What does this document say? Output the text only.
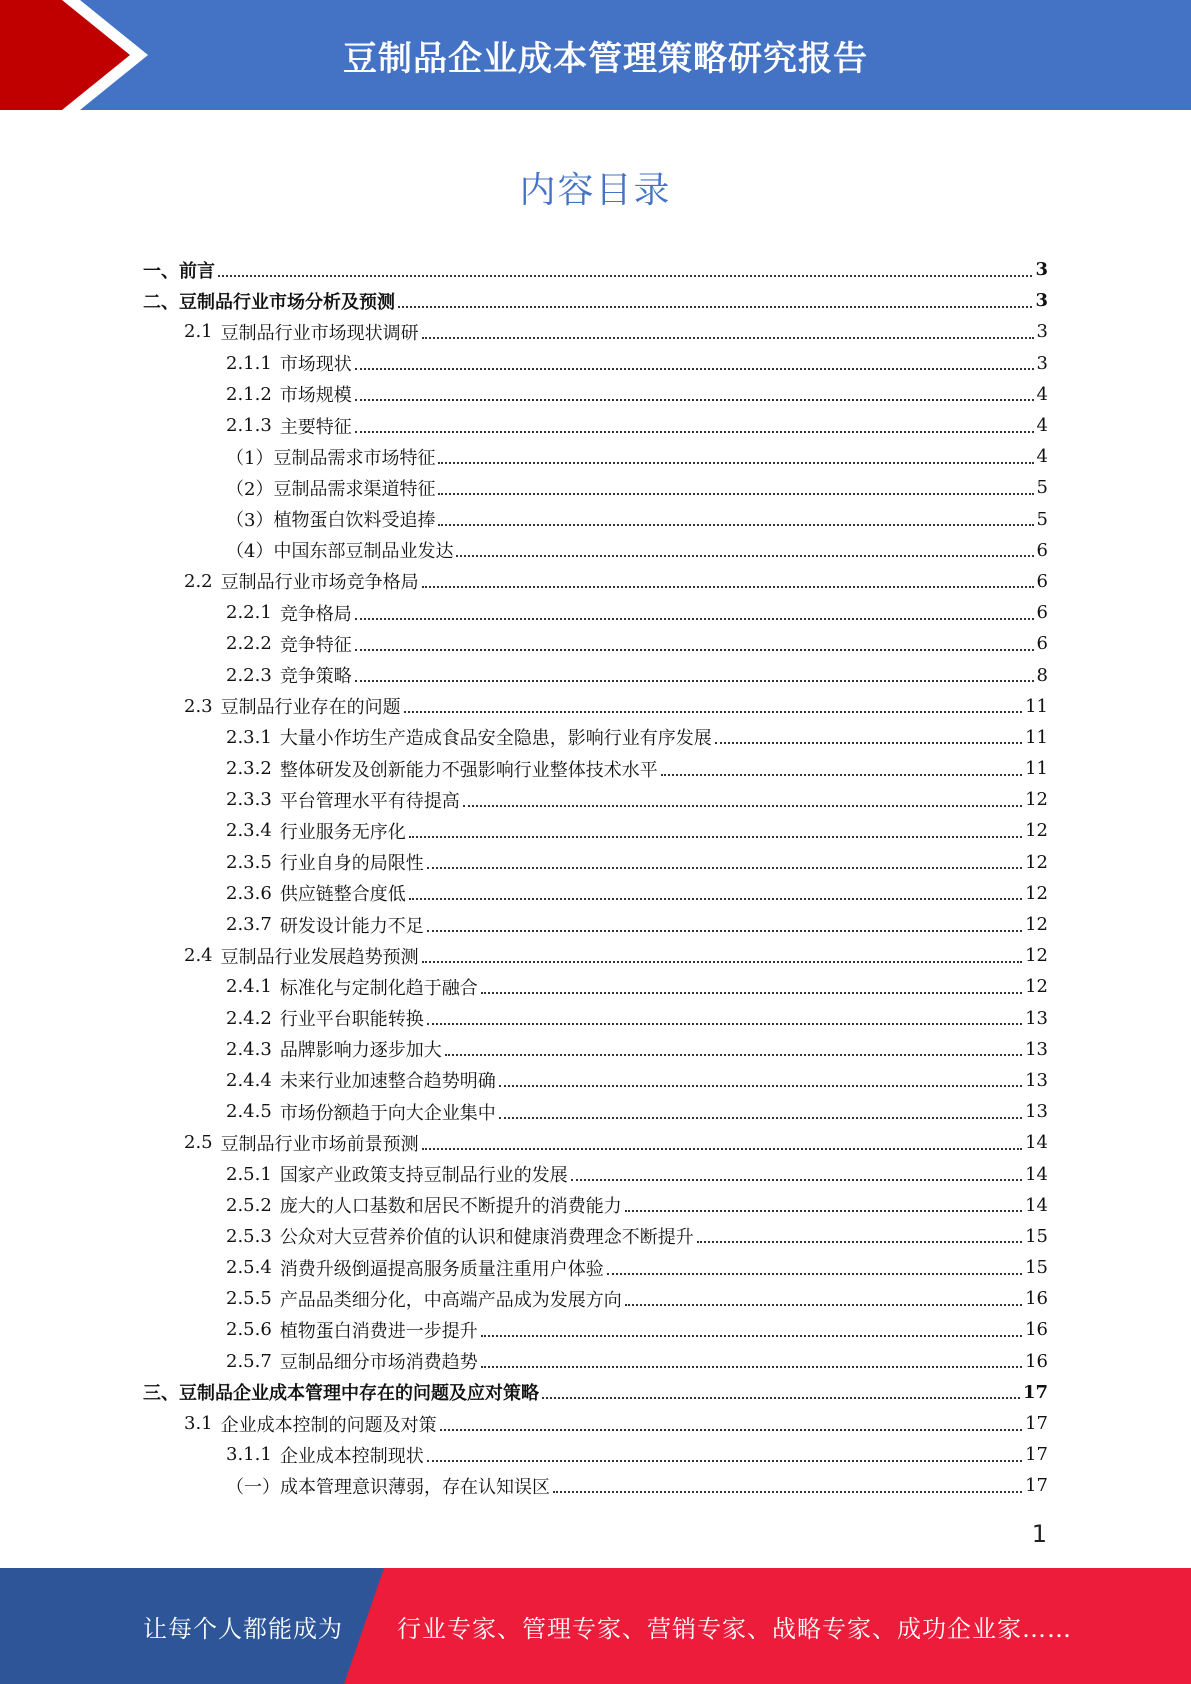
豆制品企业成本管理策略研究报告
内容目录
一、 前言	3
二、 豆制品行业市场分析及预测	3
2.1 豆制品行业市场现状调研	3
2.1.1 市场现状	3
2.1.2 市场规模	4
2.1.3 主要特征	4
（1） 豆制品需求市场特征	4
（2） 豆制品需求渠道特征	5
（3） 植物蛋白饮料受追捧	5
（4） 中国东部豆制品业发达	6
2.2 豆制品行业市场竞争格局	6
2.2.1 竞争格局	6
2.2.2 竞争特征	6
2.2.3 竞争策略	8
2.3 豆制品行业存在的问题	11
2.3.1 大量小作坊生产造成食品安全隐患，影响行业有序发展	11
2.3.2 整体研发及创新能力不强影响行业整体技术水平	11
2.3.3 平台管理水平有待提高	12
2.3.4 行业服务无序化	12
2.3.5 行业自身的局限性	12
2.3.6 供应链整合度低	12
2.3.7 研发设计能力不足	12
2.4 豆制品行业发展趋势预测	12
2.4.1 标准化与定制化趋于融合	12
2.4.2 行业平台职能转换	13
2.4.3 品牌影响力逐步加大	13
2.4.4 未来行业加速整合趋势明确	13
2.4.5 市场份额趋于向大企业集中	13
2.5 豆制品行业市场前景预测	14
2.5.1 国家产业政策支持豆制品行业的发展	14
2.5.2 庞大的人口基数和居民不断提升的消费能力	14
2.5.3 公众对大豆营养价值的认识和健康消费理念不断提升	15
2.5.4 消费升级倒逼提高服务质量注重用户体验	15
2.5.5 产品品类细分化，中高端产品成为发展方向	16
2.5.6 植物蛋白消费进一步提升	16
2.5.7 豆制品细分市场消费趋势	16
三、 豆制品企业成本管理中存在的问题及应对策略	17
3.1 企业成本控制的问题及对策	17
3.1.1 企业成本控制现状	17
（一） 成本管理意识薄弱，存在认知误区	17
1
让每个人都能成为 行业专家、管理专家、营销专家、战略专家、成功企业家……
